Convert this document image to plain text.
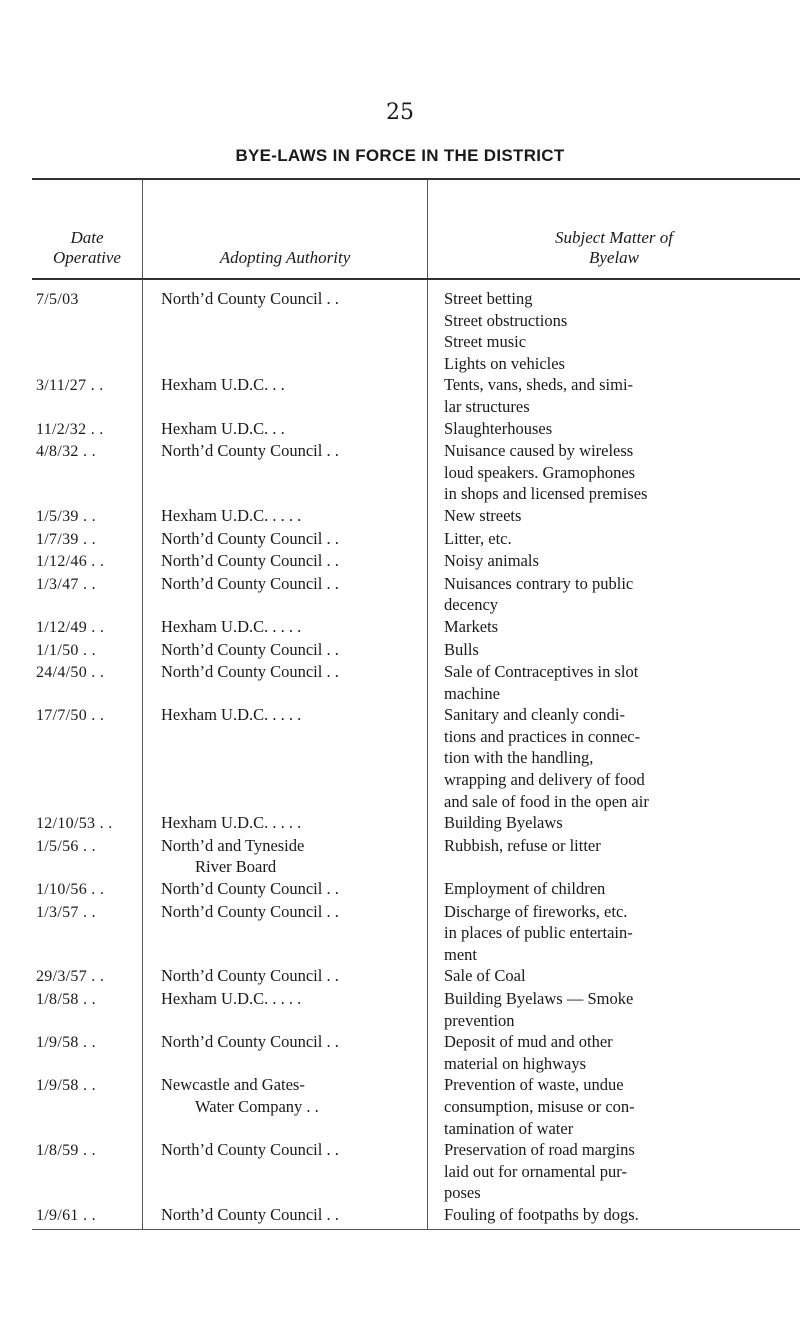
25
BYE-LAWS IN FORCE IN THE DISTRICT
Date
Operative	Adopting Authority	Subject Matter of
Byelaw

7/5/03	North’d County Council . .	Street betting
Street obstructions
Street music
Lights on vehicles

3/11/27 . .	Hexham U.D.C. . .	Tents, vans, sheds, and simi-
lar structures

11/2/32 . .	Hexham U.D.C. . .	Slaughterhouses

4/8/32 . .	North’d County Council . .	Nuisance caused by wireless
loud speakers. Gramophones
in shops and licensed premises

1/5/39 . .	Hexham U.D.C. . . . .	New streets

1/7/39 . .	North’d County Council . .	Litter, etc.

1/12/46 . .	North’d County Council . .	Noisy animals

1/3/47 . .	North’d County Council . .	Nuisances contrary to public
decency

1/12/49 . .	Hexham U.D.C. . . . .	Markets

1/1/50 . .	North’d County Council . .	Bulls

24/4/50 . .	North’d County Council . .	Sale of Contraceptives in slot
machine

17/7/50 . .	Hexham U.D.C. . . . .	Sanitary and cleanly condi-
tions and practices in connec-
tion with the handling,
wrapping and delivery of food
and sale of food in the open air

12/10/53 . .	Hexham U.D.C. . . . .	Building Byelaws

1/5/56 . .	North’d and Tyneside
River Board	Rubbish, refuse or litter

1/10/56 . .	North’d County Council . .	Employment of children

1/3/57 . .	North’d County Council . .	Discharge of fireworks, etc.
in places of public entertain-
ment

29/3/57 . .	North’d County Council . .	Sale of Coal

1/8/58 . .	Hexham U.D.C. . . . .	Building Byelaws — Smoke
prevention

1/9/58 . .	North’d County Council . .	Deposit of mud and other
material on highways

1/9/58 . .	Newcastle and Gates-
Water Company . .	Prevention of waste, undue
consumption, misuse or con-
tamination of water

1/8/59 . .	North’d County Council . .	Preservation of road margins
laid out for ornamental pur-
poses

1/9/61 . .	North’d County Council . .	Fouling of footpaths by dogs.
